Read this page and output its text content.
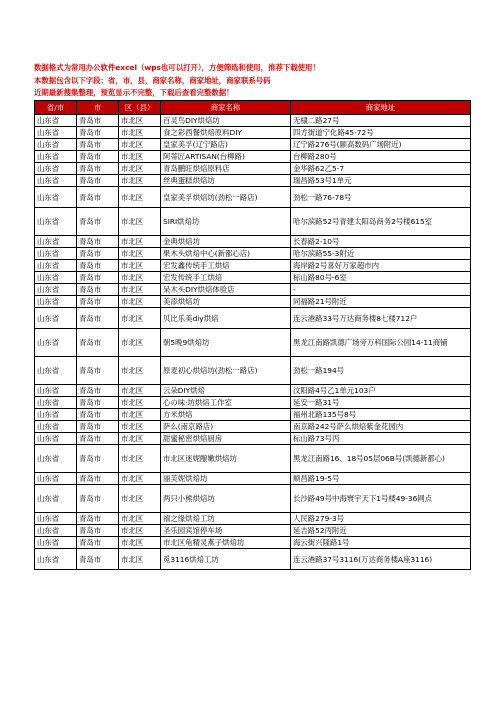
数据格式为常用办公软件excel（wps也可以打开），方便筛选和使用，推荐下载使用！
本数据包含以下字段：省，市，县，商家名称，商家地址，商家联系号码
近期最新搜集整理，预览显示不完整，下载后查看完整数据！
省/市	市	区（县）	商家名称	商家地址
山东省	青岛市	市北区	百灵鸟DIY烘焙坊	无棣二路27号
山东省	青岛市	市北区	食之彩西餐烘焙原料DIY	四方街道宁化路45-72号
山东省	青岛市	市北区	皇家美孚(辽宁路店)	辽宁路276号(颐高数码广场附近)
山东省	青岛市	市北区	阿蒂匠ARTISAN(台柳路)	台柳路280号
山东省	青岛市	市北区	青岛鹏旺烘焙原料店	金华路62乙5-7
山东省	青岛市	市北区	丝典蛋糕烘焙坊	瑞昌路53号1单元
山东省	青岛市	市北区	皇家美孚烘焙坊(劲松一路店)	劲松一路76-78号
山东省	青岛市	市北区	SIRI烘焙坊	哈尔滨路52号青建太阳岛商务2号楼615室
山东省	青岛市	市北区	金典烘焙坊	长春路2-10号
山东省	青岛市	市北区	果木头烘焙中心(新都心店)	哈尔滨路55-3附近
山东省	青岛市	市北区	宏发鑫传统手工烘焙	海岸路2号喜好万家超市内
山东省	青岛市	市北区	宏发传统手工烘焙	标山路80号-6室
山东省	青岛市	市北区	呆木头DIY烘焙体验店	-
山东省	青岛市	市北区	美添烘焙坊	同福路21号附近
山东省	青岛市	市北区	贝比乐美diy烘焙	连云港路33号万达商务楼8七楼712户
山东省	青岛市	市北区	朝5晚9烘焙坊	黑龙江南路凯德广场旁万科国际公园14-11商铺
山东省	青岛市	市北区	原麦初心烘焙坊(劲松一路店)	劲松一路194号
山东省	青岛市	市北区	云朵DIY烘焙	汶阳路4号乙1单元103户
山东省	青岛市	市北区	心の味·坊烘焙工作室	延安一路31号
山东省	青岛市	市北区	方米烘焙	福州北路135号8号
山东省	青岛市	市北区	萨么(南京路店)	南京路242号萨么烘焙紫金花园内
山东省	青岛市	市北区	甜蜜秘密烘焙厨房	标山路73号丙
山东省	青岛市	市北区	市北区迷妮酿嫩烘焙坊	黑龙江南路16、18号05层06B号(凯德新都心)
山东省	青岛市	市北区	丽芙妮烘焙坊	顺昌路19-5号
山东省	青岛市	市北区	两只小熊烘焙坊	长沙路49号中海寰宇天下1号楼49-36网点
山东省	青岛市	市北区	禧之缘烘焙工坊	人民路279-3号
山东省	青岛市	市北区	圣乐园宾馆停车场	延吉路52丙附近
山东省	青岛市	市北区	市北区龟精灵燕子烘焙坊	海云街兴隆路1号
山东省	青岛市	市北区	觅3116烘焙工坊	连云港路37号3116(万达商务楼A座3116)
